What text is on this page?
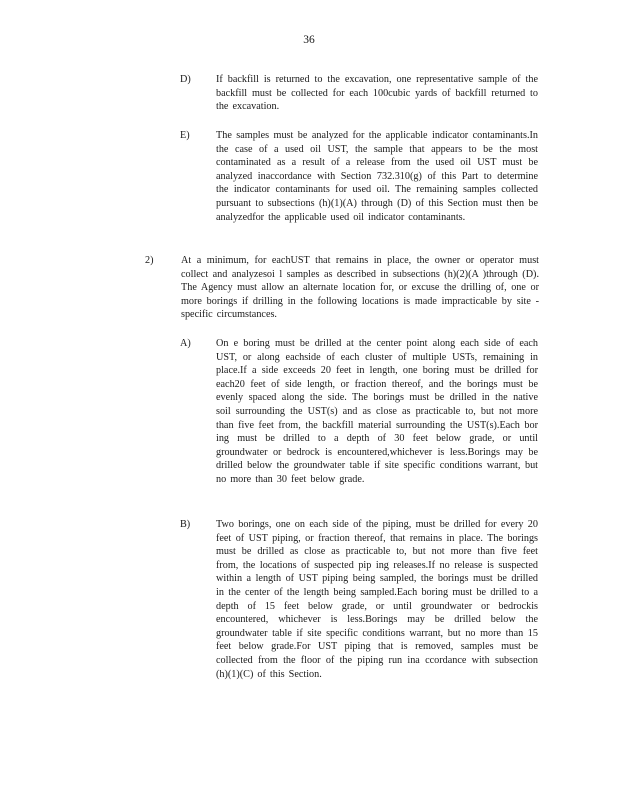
36
D) If backfill is returned to the excavation, one representative sample of the backfill must be collected for each 100cubic yards of backfill returned to the excavation.
E)	The samples must be analyzed for the applicable indicator contaminants.In the case of a used oil UST, the sample that appears to be the most contaminated as a result of a release from the used oil UST must be analyzed inaccordance with Section 732.310(g) of this Part to determine the indicator contaminants for used oil. The remaining samples collected pursuant to subsections (h)(1)(A) through (D) of this Section must then be analyzedfor the applicable used oil indicator contaminants.
2)	At a minimum, for eachUST that remains in place, the owner or operator must collect and analyzesoi l samples as described in subsections (h)(2)(A )through (D). The Agency must allow an alternate location for, or excuse the drilling of, one or more borings if drilling in the following locations is made impracticable by site -specific circumstances.
A) On e boring must be drilled at the center point along each side of each UST, or along eachside of each cluster of multiple USTs, remaining in place.If a side exceeds 20 feet in length, one boring must be drilled for each20 feet of side length, or fraction thereof, and the borings must be evenly spaced along the side. The borings must be drilled in the native soil surrounding the UST(s) and as close as practicable to, but not more than five feet from, the backfill material surrounding the UST(s).Each bor ing must be drilled to a depth of 30 feet below grade, or until groundwater or bedrock is encountered,whichever is less.Borings may be drilled below the groundwater table if site specific conditions warrant, but no more than 30 feet below grade.
B)	Two borings, one on each side of the piping, must be drilled for every 20 feet of UST piping, or fraction thereof, that remains in place. The borings must be drilled as close as practicable to, but not more than five feet from, the locations of suspected pip ing releases.If no release is suspected within a length of UST piping being sampled, the borings must be drilled in the center of the length being sampled.Each boring must be drilled to a depth of 15 feet below grade, or until groundwater or bedrockis encountered, whichever is less.Borings may be drilled below the groundwater table if site specific conditions warrant, but no more than 15 feet below grade.For UST piping that is removed, samples must be collected from the floor of the piping run ina ccordance with subsection (h)(1)(C) of this Section.
